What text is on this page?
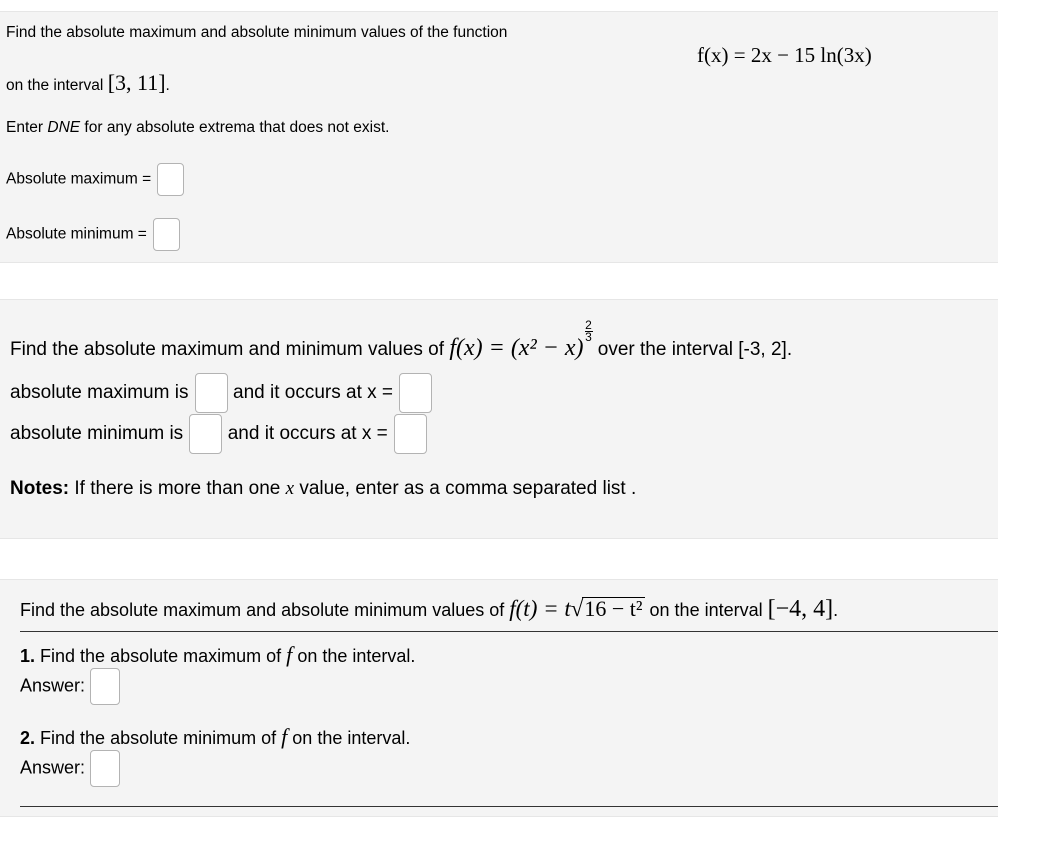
Find the absolute maximum and absolute minimum values of the function
f(x) = 2x − 15 ln(3x)
on the interval [3, 11].
Enter DNE for any absolute extrema that does not exist.
Absolute maximum =
Absolute minimum =
Find the absolute maximum and minimum values of f(x) = (x² − x)
$^{\frac{2}{3}}$
over the interval [-3, 2].
absolute maximum is and it occurs at x =
absolute minimum is and it occurs at x =
Notes: If there is more than one x value, enter as a comma separated list .
Find the absolute maximum and absolute minimum values of f(t) = t√16 − t² on the interval [−4, 4].
1. Find the absolute maximum of f on the interval.
Answer:
2. Find the absolute minimum of f on the interval.
Answer:
